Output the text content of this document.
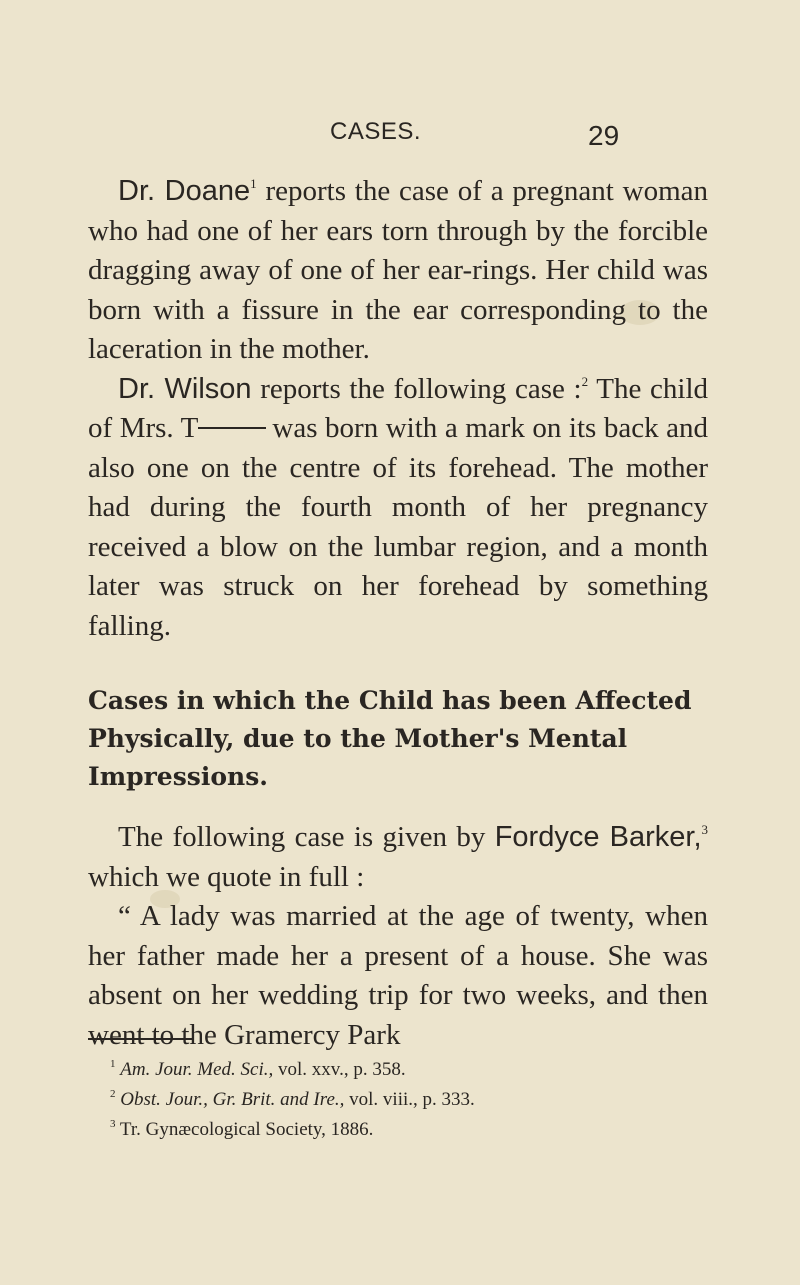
CASES.	29

Dr. Doane$^1$ reports the case of a pregnant woman who had one of her ears torn through by the forcible dragging away of one of her ear-rings. Her child was born with a fissure in the ear corresponding to the laceration in the mother.

Dr. Wilson reports the following case :$^2$ The child of Mrs. T	was born with a mark on its back and also one on the centre of its forehead. The mother had during the fourth month of her pregnancy received a blow on the lumbar region, and a month later was struck on her forehead by something falling.

Cases in which the Child has been Affected Physically, due to the Mother's Mental Impressions.

The following case is given by Fordyce Barker,$^3$ which we quote in full :

“ A lady was married at the age of twenty, when her father made her a present of a house. She was absent on her wedding trip for two weeks, and then went to the Gramercy Park

$^1$ Am. Jour. Med. Sci., vol. xxv., p. 358.

$^2$ Obst. Jour., Gr. Brit. and Ire., vol. viii., p. 333.

$^3$ Tr. Gynæcological Society, 1886.
